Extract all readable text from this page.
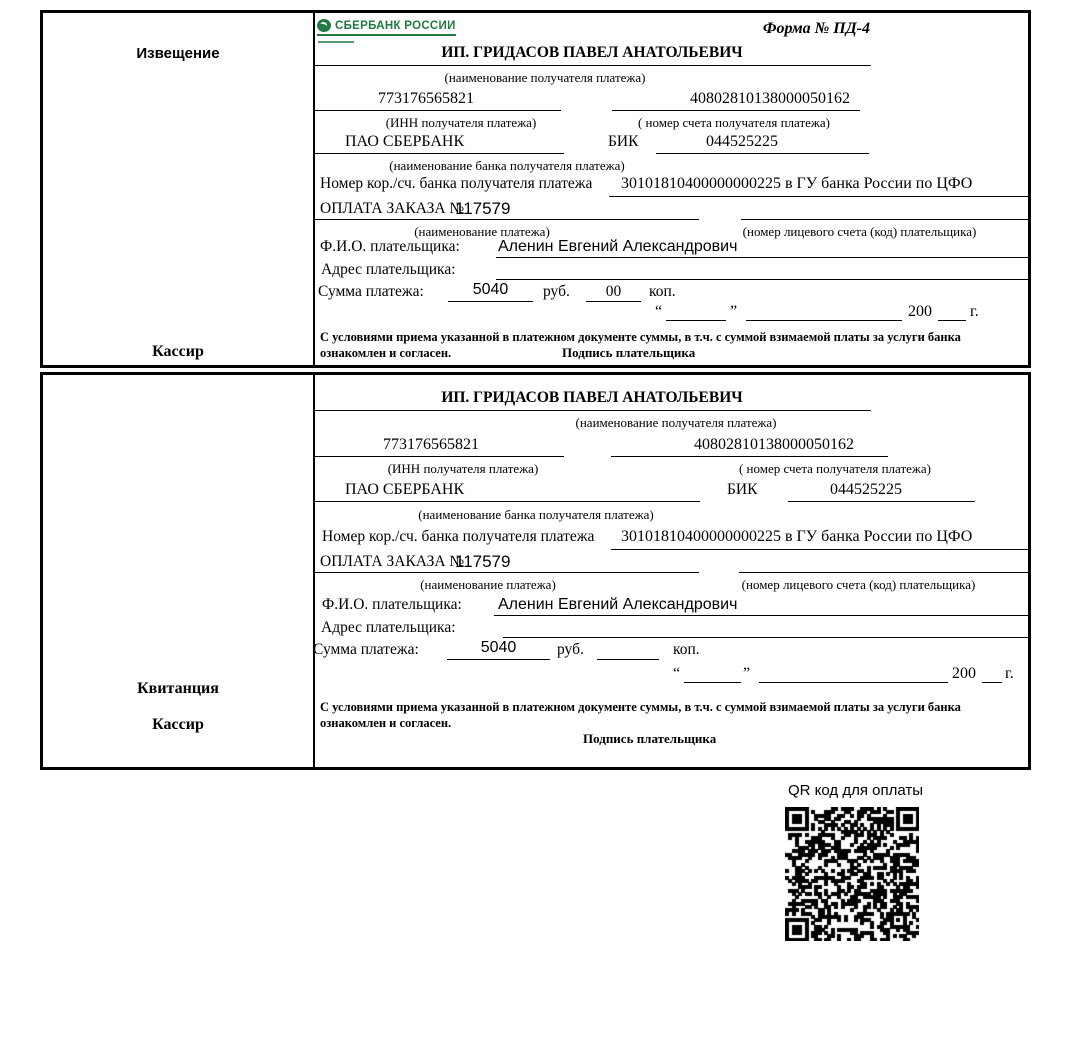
Извещение
Кассир
СБЕРБАНК РОССИИ	Форма № ПД-4
ИП. ГРИДАСОВ ПАВЕЛ АНАТОЛЬЕВИЧ
(наименование получателя платежа)
773176565821	40802810138000050162
(ИНН получателя платежа)	( номер счета получателя платежа)
ПАО СБЕРБАНК	БИК	044525225
(наименование банка получателя платежа)
Номер кор./сч. банка получателя платежа 30101810400000000225 в ГУ банка России по ЦФО
ОПЛАТА ЗАКАЗА №
117579
(наименование платежа)	(номер лицевого счета (код) плательщика)
Ф.И.О. плательщика: Аленин Евгений Александрович
Адрес плательщика:
Сумма платежа:	5040	руб.	00	коп.
“	”	200 г.
С условиями приема указанной в платежном документе суммы, в т.ч. с суммой взимаемой платы за услуги банка
ознакомлен и согласен.	Подпись плательщика
Квитанция
Кассир
ИП. ГРИДАСОВ ПАВЕЛ АНАТОЛЬЕВИЧ
(наименование получателя платежа)
773176565821	40802810138000050162
(ИНН получателя платежа)	( номер счета получателя платежа)
ПАО СБЕРБАНК	БИК	044525225
(наименование банка получателя платежа)
Номер кор./сч. банка получателя платежа 30101810400000000225 в ГУ банка России по ЦФО
ОПЛАТА ЗАКАЗА №
117579
(наименование платежа)	(номер лицевого счета (код) плательщика)
Ф.И.О. плательщика: Аленин Евгений Александрович
Адрес плательщика:
Сумма платежа:	5040	руб.	коп.
“	”	200 г.
С условиями приема указанной в платежном документе суммы, в т.ч. с суммой взимаемой платы за услуги банка
ознакомлен и согласен.
Подпись плательщика
QR код для оплаты
